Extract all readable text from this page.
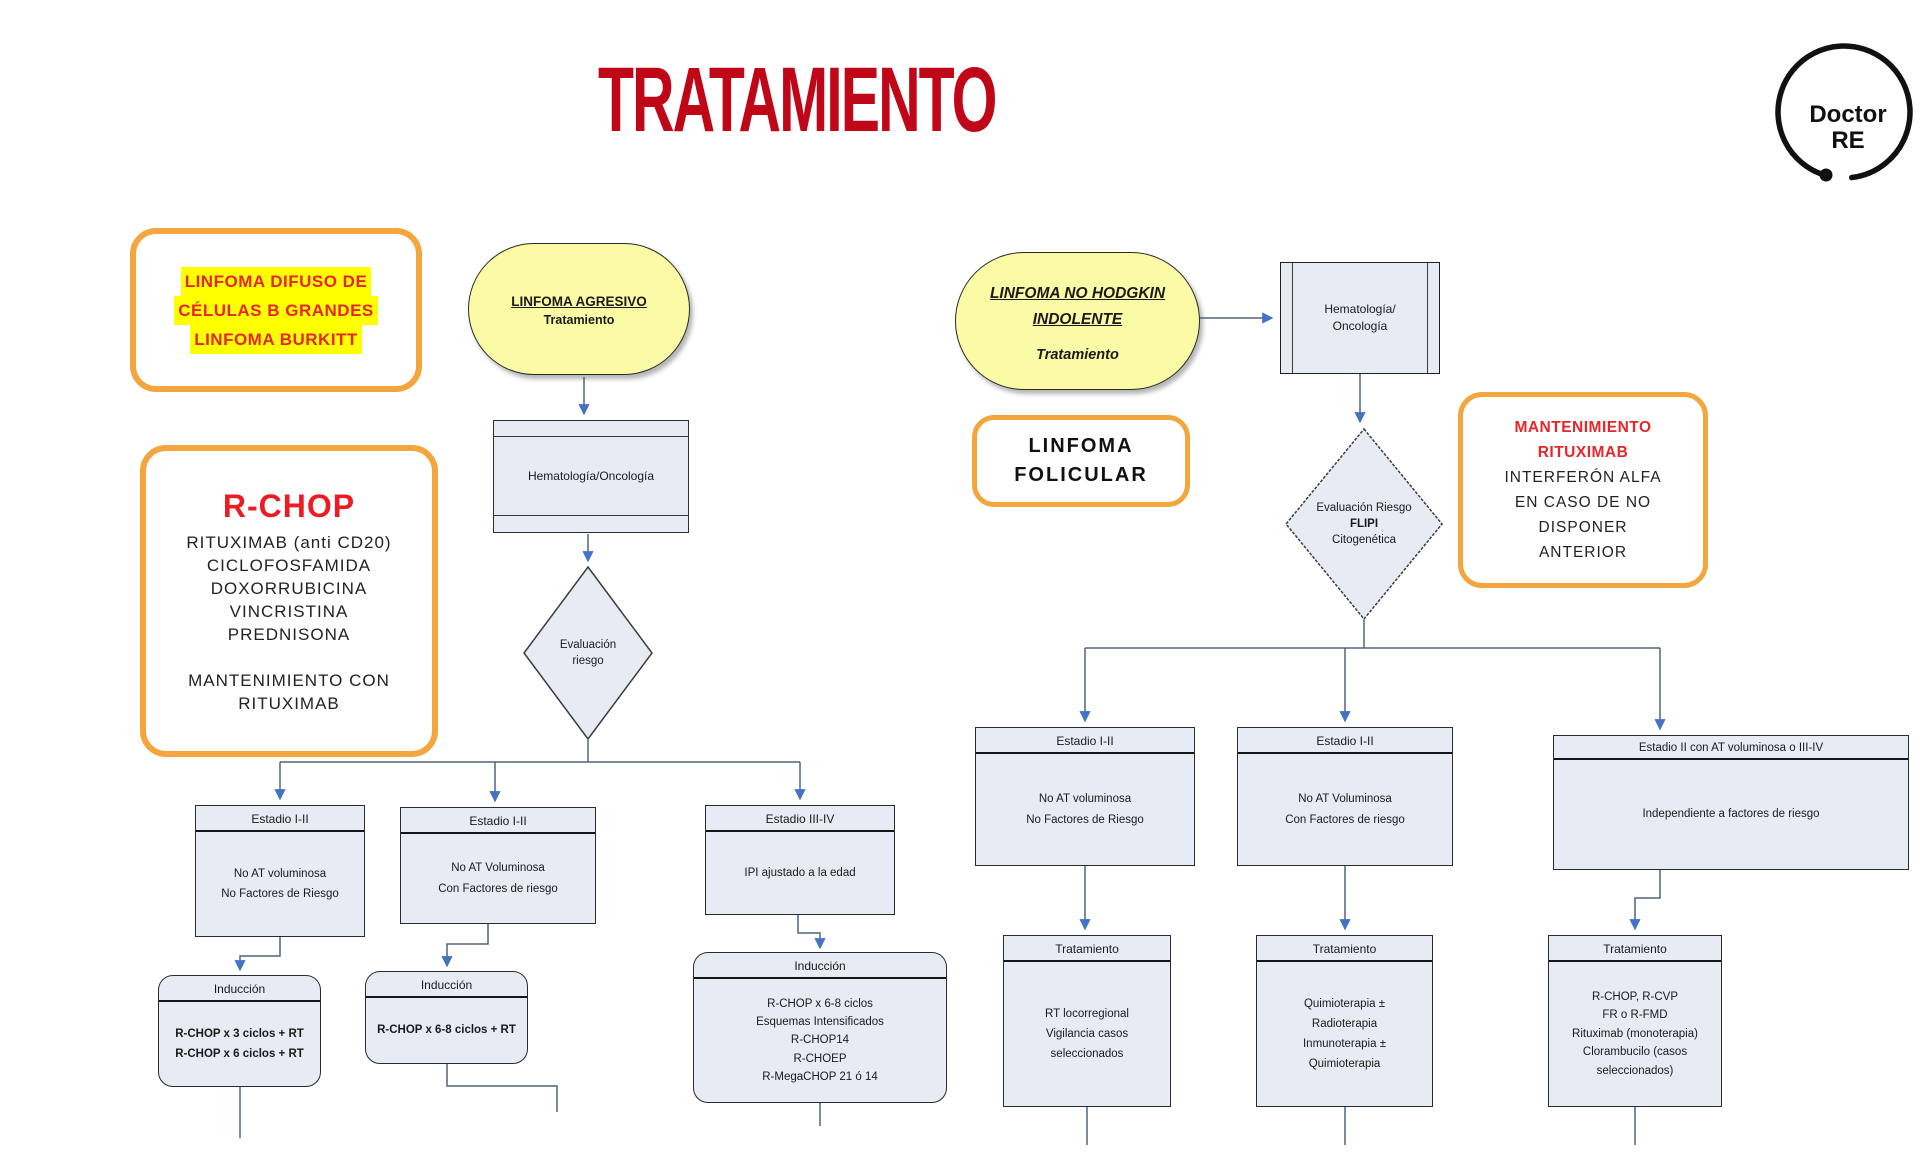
TRATAMIENTO	Doctor
RE
LINFOMA DIFUSO DE
CÉLULAS B GRANDES
LINFOMA BURKITT
R-CHOP
RITUXIMAB (anti CD20)
CICLOFOSFAMIDA
DOXORRUBICINA
VINCRISTINA
PREDNISONA

MANTENIMIENTO CON
RITUXIMAB
LINFOMA AGRESIVO
Tratamiento
Hematología/Oncología
Evaluación
riesgo
Estadio I-II
No AT voluminosa
No Factores de Riesgo
Estadio I-II
No AT Voluminosa
Con Factores de riesgo
Estadio III-IV
IPI ajustado a la edad
Inducción
R-CHOP x 3 ciclos + RT
R-CHOP x 6 ciclos + RT
Inducción
R-CHOP x 6-8 ciclos + RT
Inducción
R-CHOP x 6-8 ciclos
Esquemas Intensificados
R-CHOP14
R-CHOEP
R-MegaCHOP 21 ó 14
LINFOMA NO HODGKIN
INDOLENTE
Tratamiento
Hematología/
Oncología
LINFOMA
FOLICULAR
MANTENIMIENTO
RITUXIMAB
INTERFERÓN ALFA
EN CASO DE NO
DISPONER
ANTERIOR
Evaluación Riesgo
FLIPI
Citogenética
Estadio I-II
No AT voluminosa
No Factores de Riesgo
Estadio I-II
No AT Voluminosa
Con Factores de riesgo
Estadio II con AT voluminosa o III-IV
Independiente a factores de riesgo
Tratamiento
RT locorregional
Vigilancia casos
seleccionados
Tratamiento
Quimioterapia ±
Radioterapia
Inmunoterapia ±
Quimioterapia
Tratamiento
R-CHOP, R-CVP
FR o R-FMD
Rituximab (monoterapia)
Clorambucilo (casos
seleccionados)
